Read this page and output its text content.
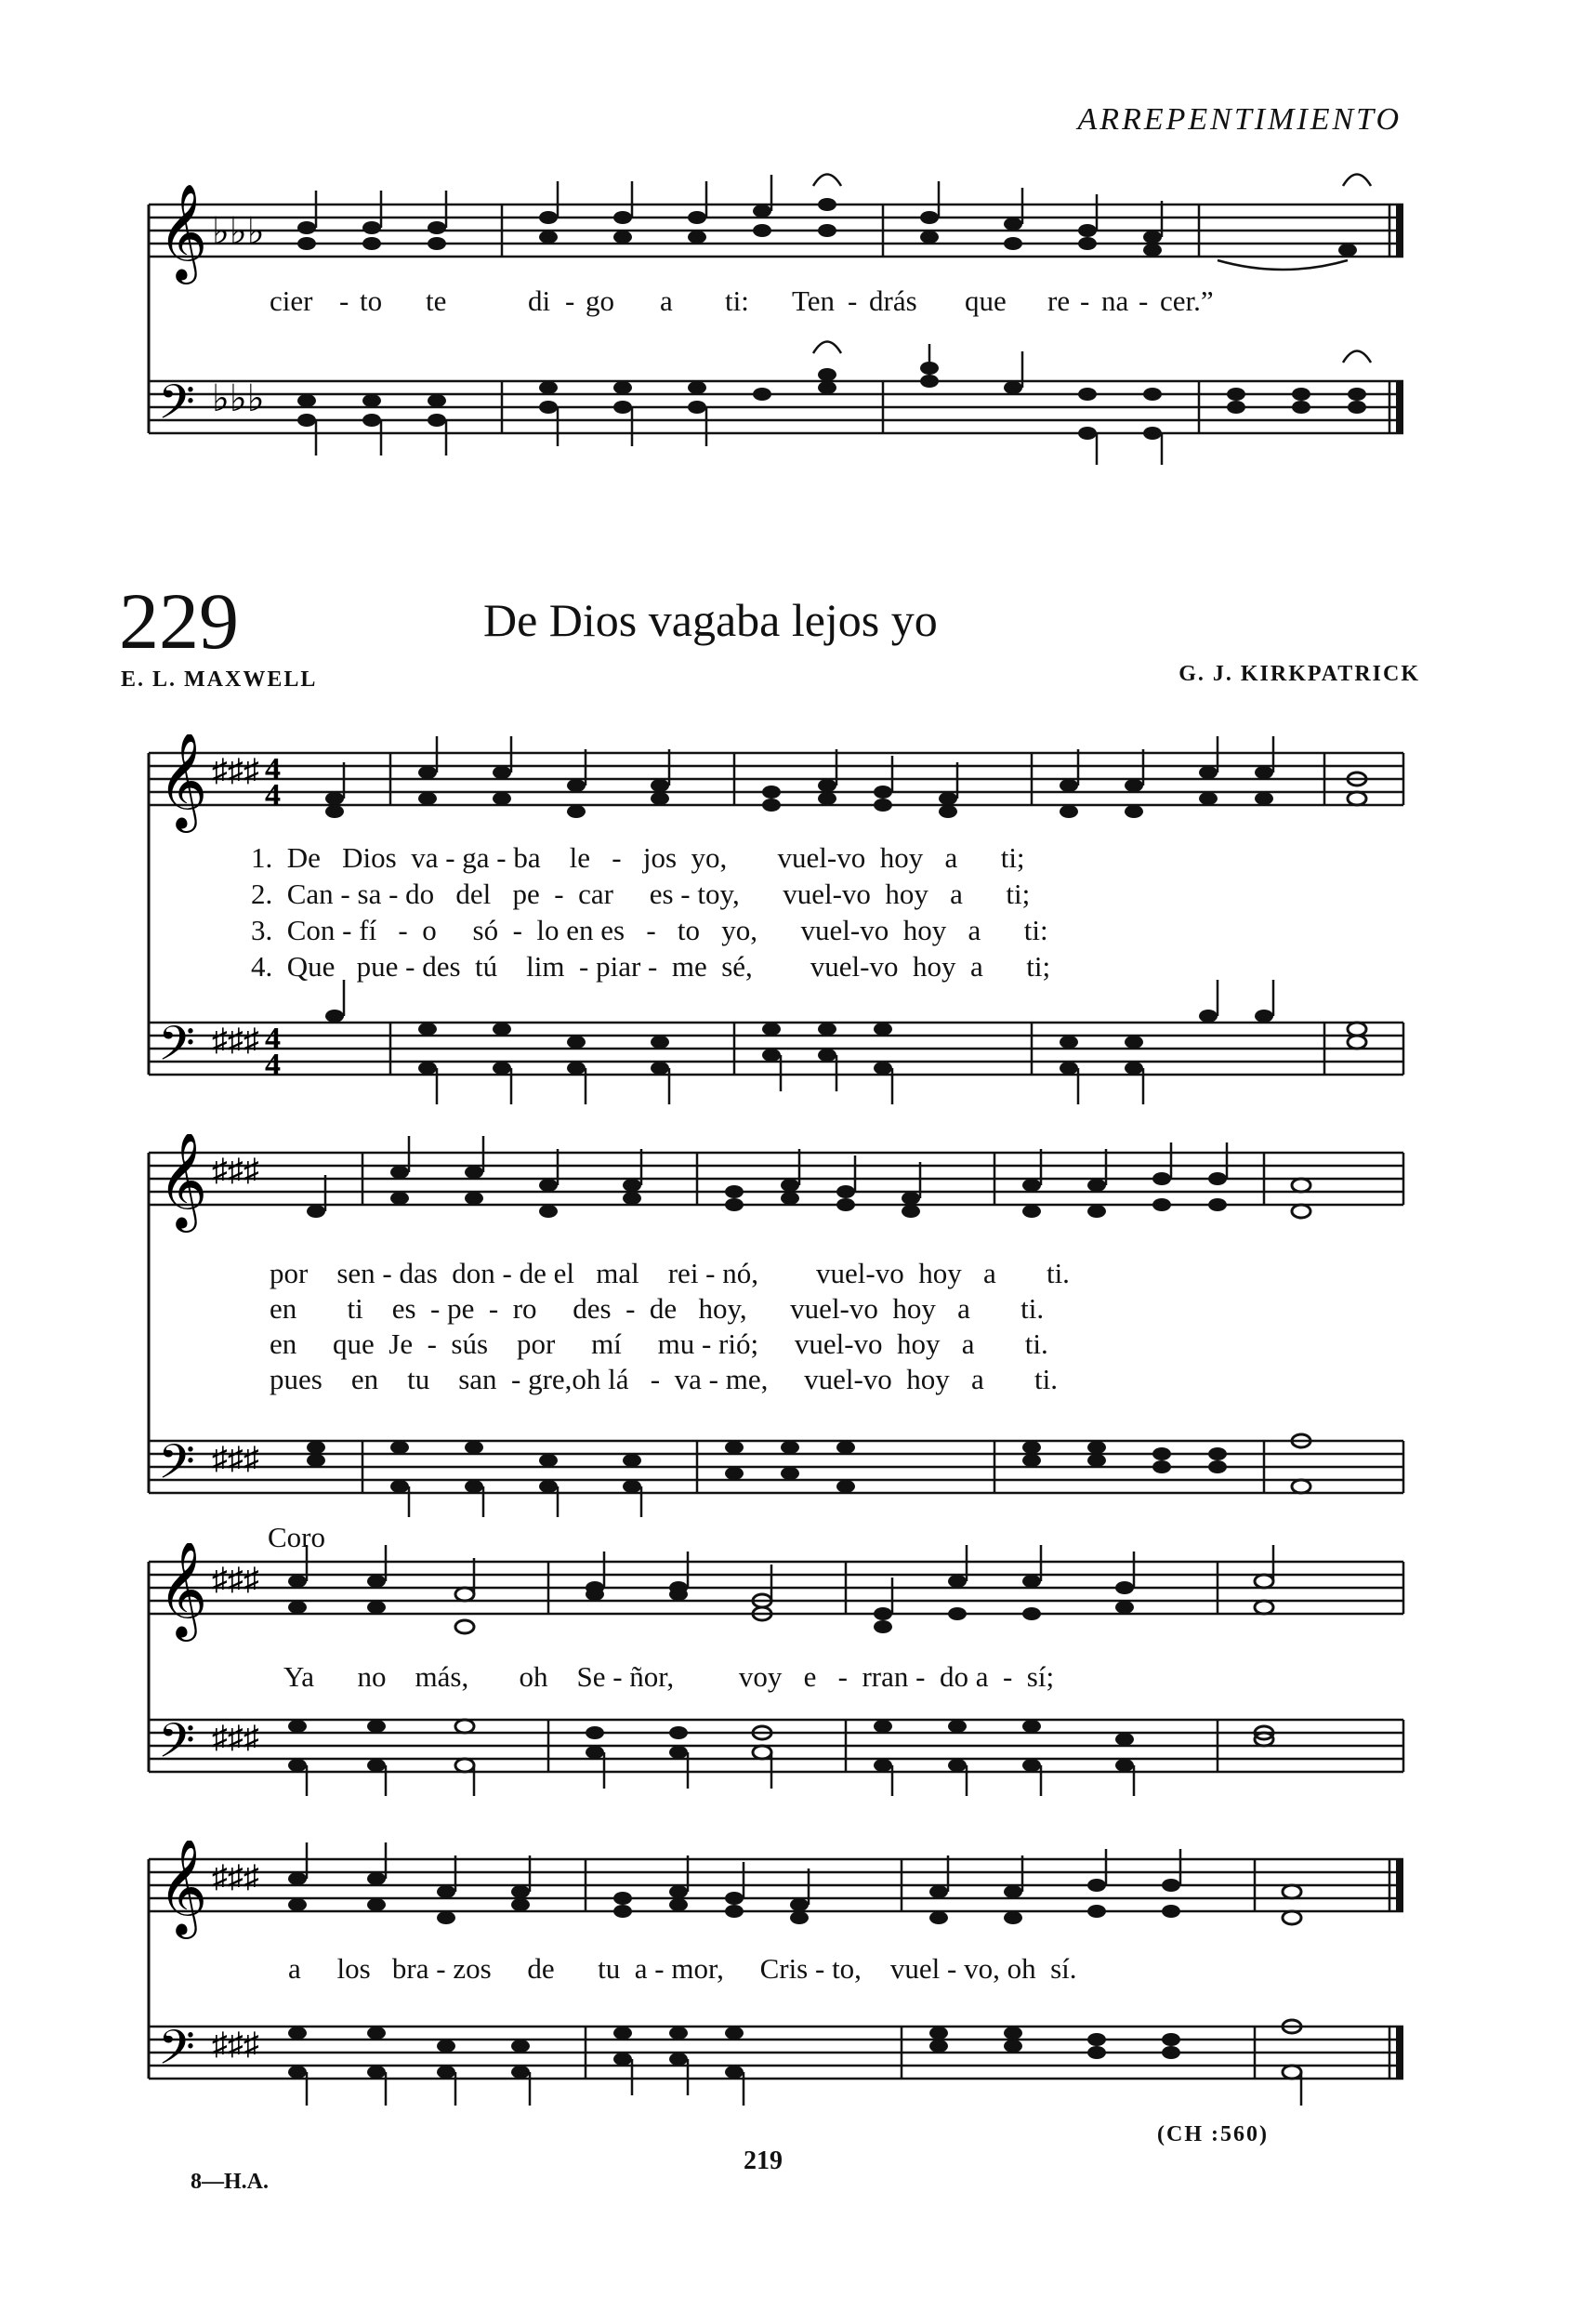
ARREPENTIMIENTO
𝄞
𝄢
♭♭♭
♭♭♭
cier - to te	di - go a ti: Ten - drás que re - na - cer.”
229	De Dios vagaba lejos yo
E. L. MAXWELL	G. J. KIRKPATRICK
𝄞
𝄢
♯♯♯
♯♯♯
4
4
4
4
1.  De   Dios  va - ga - ba    le   -   jos  yo,       vuel-vo  hoy   a      ti;
2.  Can - sa - do   del   pe  -  car     es - toy,      vuel-vo  hoy   a      ti;
3.  Con - fí   -  o     só  -  lo en es   -   to   yo,      vuel-vo  hoy   a      ti:
4.  Que   pue - des  tú    lim  - piar -  me  sé,        vuel-vo  hoy  a      ti;
𝄞
𝄢
♯♯♯
♯♯♯
por    sen - das  don - de el   mal    rei - nó,        vuel-vo  hoy   a       ti.
en       ti    es  - pe  -  ro     des  -  de   hoy,      vuel-vo  hoy   a       ti.
en     que  Je  -  sús    por     mí     mu - rió;     vuel-vo  hoy   a       ti.
pues    en    tu    san  - gre,oh lá   -  va - me,     vuel-vo  hoy   a       ti.
Coro
𝄞
𝄢
♯♯♯
♯♯♯
Ya      no    más,       oh    Se - ñor,         voy   e   -  rran -  do a  -  sí;
𝄞
𝄢
♯♯♯
♯♯♯
a     los   bra - zos     de      tu  a - mor,     Cris - to,    vuel - vo, oh  sí.
(CH :560)
8—H.A.
219
